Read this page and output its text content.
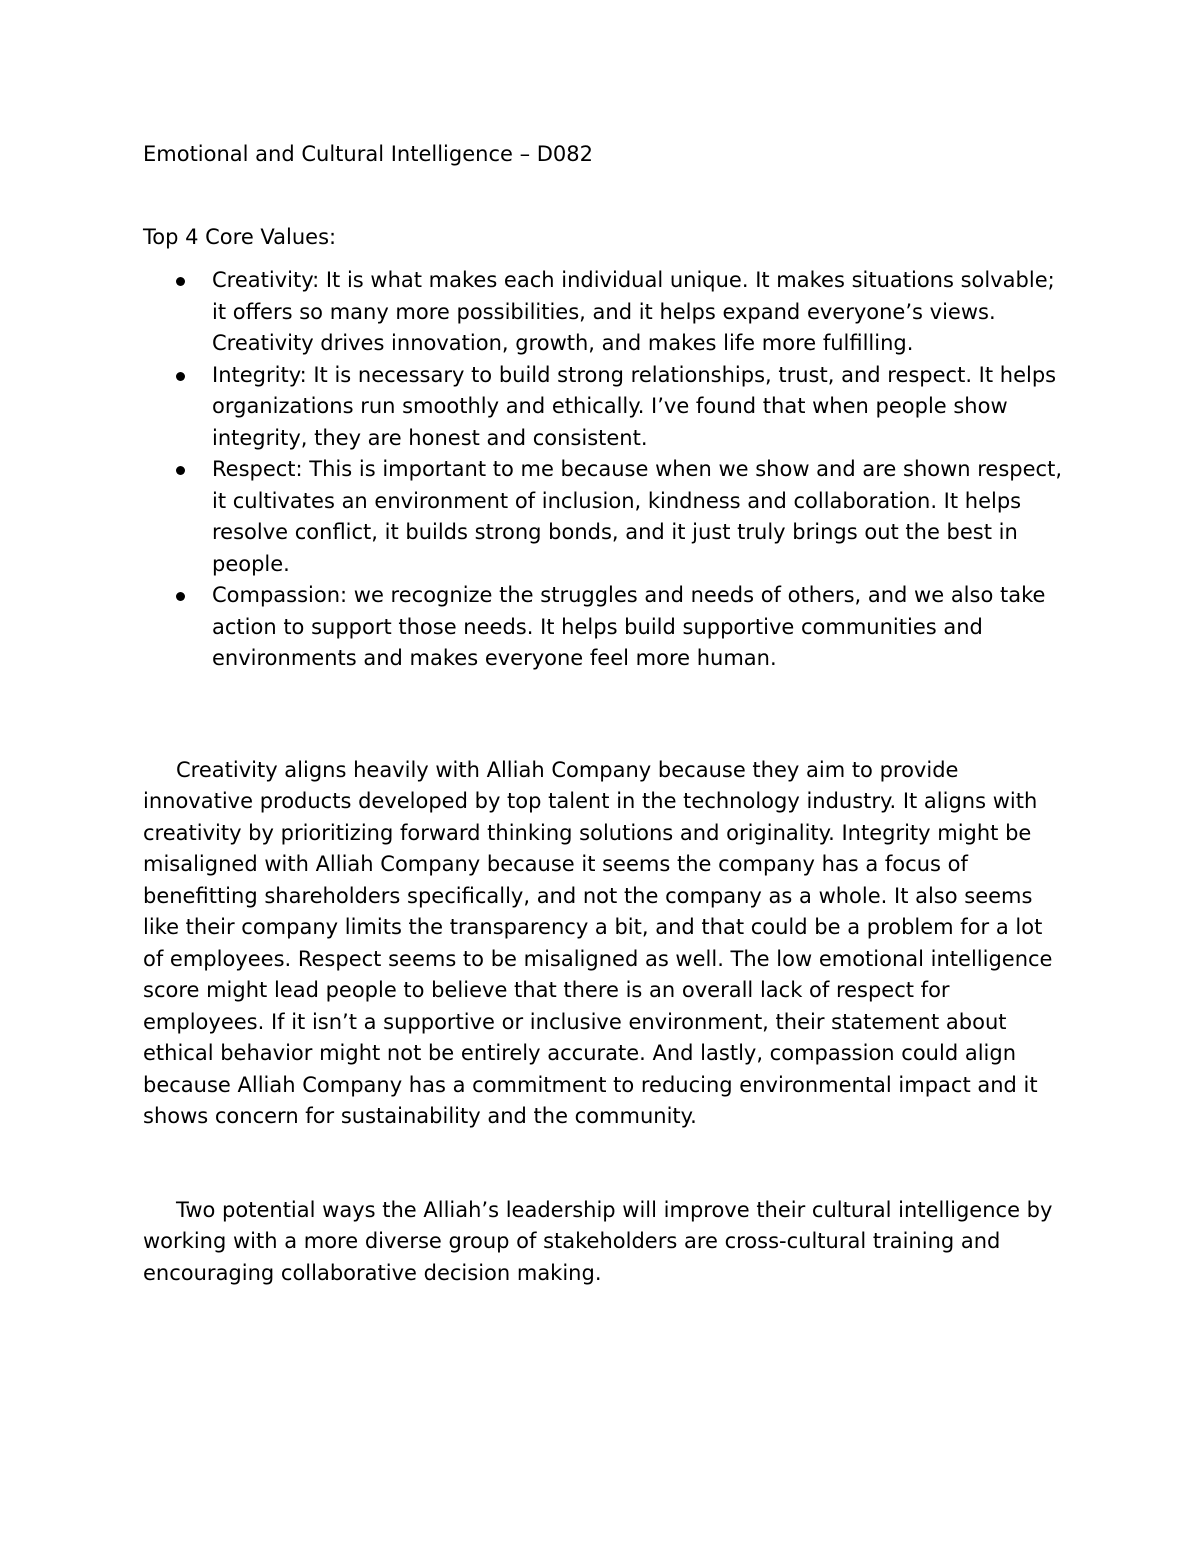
Emotional and Cultural Intelligence – D082
Top 4 Core Values:
Creativity: It is what makes each individual unique. It makes situations solvable; it offers so many more possibilities, and it helps expand everyone’s views. Creativity drives innovation, growth, and makes life more fulfilling.
Integrity: It is necessary to build strong relationships, trust, and respect. It helps organizations run smoothly and ethically. I’ve found that when people show integrity, they are honest and consistent.
Respect: This is important to me because when we show and are shown respect, it cultivates an environment of inclusion, kindness and collaboration. It helps resolve conflict, it builds strong bonds, and it just truly brings out the best in people.
Compassion: we recognize the struggles and needs of others, and we also take action to support those needs. It helps build supportive communities and environments and makes everyone feel more human.

Creativity aligns heavily with Alliah Company because they aim to provide innovative products developed by top talent in the technology industry. It aligns with creativity by prioritizing forward thinking solutions and originality. Integrity might be misaligned with Alliah Company because it seems the company has a focus of benefitting shareholders specifically, and not the company as a whole. It also seems like their company limits the transparency a bit, and that could be a problem for a lot of employees. Respect seems to be misaligned as well. The low emotional intelligence score might lead people to believe that there is an overall lack of respect for employees. If it isn’t a supportive or inclusive environment, their statement about ethical behavior might not be entirely accurate. And lastly, compassion could align because Alliah Company has a commitment to reducing environmental impact and it shows concern for sustainability and the community.

Two potential ways the Alliah’s leadership will improve their cultural intelligence by working with a more diverse group of stakeholders are cross-cultural training and encouraging collaborative decision making.
